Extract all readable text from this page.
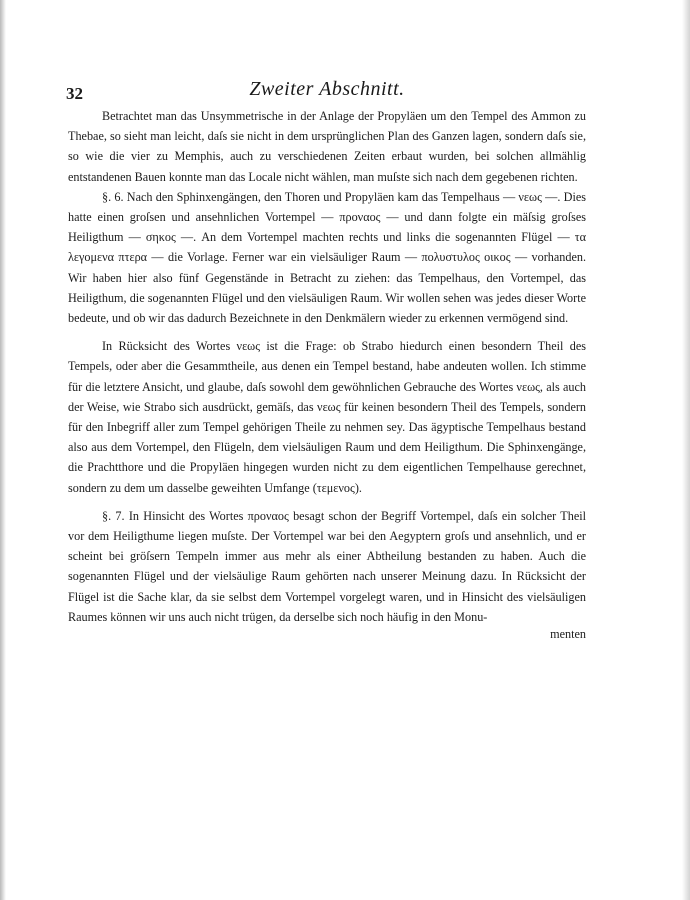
32	Zweiter Abschnitt.

Betrachtet man das Unsymmetrische in der Anlage der Propyläen um den Tempel des Ammon zu Thebae, so sieht man leicht, daſs sie nicht in dem ursprünglichen Plan des Ganzen lagen, sondern daſs sie, so wie die vier zu Memphis, auch zu verschiedenen Zeiten erbaut wurden, bei solchen allmählig entstandenen Bauen konnte man das Locale nicht wählen, man muſste sich nach dem gegebenen richten.

§. 6. Nach den Sphinxengängen, den Thoren und Propyläen kam das Tempelhaus — νεως —. Dies hatte einen groſsen und ansehnlichen Vortempel — πρoναoς — und dann folgte ein mäſsig groſses Heiligthum — σηκoς —. An dem Vortempel machten rechts und links die sogenannten Flügel — τα λεγoμενα πτερα — die Vorlage. Ferner war ein vielsäuliger Raum — πoλυστυλoς oικoς — vorhanden. Wir haben hier also fünf Gegenstände in Betracht zu ziehen: das Tempelhaus, den Vortempel, das Heiligthum, die sogenannten Flügel und den vielsäuligen Raum. Wir wollen sehen was jedes dieser Worte bedeute, und ob wir das dadurch Bezeichnete in den Denkmälern wieder zu erkennen vermögend sind.

In Rücksicht des Wortes νεως ist die Frage: ob Strabo hiedurch einen besondern Theil des Tempels, oder aber die Gesammtheile, aus denen ein Tempel bestand, habe andeuten wollen. Ich stimme für die letztere Ansicht, und glaube, daſs sowohl dem gewöhnlichen Gebrauche des Wortes νεως, als auch der Weise, wie Strabo sich ausdrückt, gemäſs, das νεως für keinen besondern Theil des Tempels, sondern für den Inbegriff aller zum Tempel gehörigen Theile zu nehmen sey. Das ägyptische Tempelhaus bestand also aus dem Vortempel, den Flügeln, dem vielsäuligen Raum und dem Heiligthum. Die Sphinxengänge, die Prachtthore und die Propyläen hingegen wurden nicht zu dem eigentlichen Tempelhause gerechnet, sondern zu dem um dasselbe geweihten Umfange (τεμενoς).

§. 7. In Hinsicht des Wortes πρoναoς besagt schon der Begriff Vortempel, daſs ein solcher Theil vor dem Heiligthume liegen muſste. Der Vortempel war bei den Aegyptern groſs und ansehnlich, und er scheint bei gröſsern Tempeln immer aus mehr als einer Abtheilung bestanden zu haben. Auch die sogenannten Flügel und der vielsäulige Raum gehörten nach unserer Meinung dazu. In Rücksicht der Flügel ist die Sache klar, da sie selbst dem Vortempel vorgelegt waren, und in Hinsicht des vielsäuligen Raumes können wir uns auch nicht trügen, da derselbe sich noch häufig in den Monu-

menten
